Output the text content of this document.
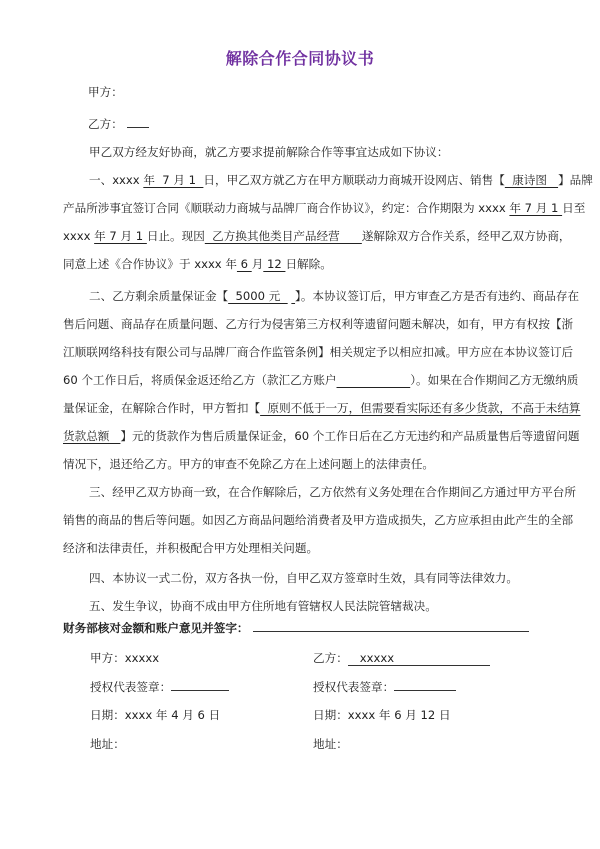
解除合作合同协议书
甲方：
乙方：
甲乙双方经友好协商，就乙方要求提前解除合作等事宜达成如下协议：
一、xxxx 年  7 月 1  日，甲乙双方就乙方在甲方顺联动力商城开设网店、销售【  康诗图   】品牌
产品所涉事宜签订合同《顺联动力商城与品牌厂商合作协议》，约定：合作期限为 xxxx 年 7 月 1 日至
xxxx 年 7 月 1 日止。现因  乙方换其他类目产品经营      遂解除双方合作关系，经甲乙双方协商，
同意上述《合作协议》于 xxxx 年 6 月 12 日解除。
二、乙方剩余质量保证金【  5000 元    】。本协议签订后，甲方审查乙方是否有违约、商品存在
售后问题、商品存在质量问题、乙方行为侵害第三方权利等遗留问题未解决，如有，甲方有权按【浙
江顺联网络科技有限公司与品牌厂商合作监管条例】相关规定予以相应扣减。甲方应在本协议签订后
60 个工作日后，将质保金返还给乙方（款汇乙方账户	）。如果在合作期间乙方无缴纳质
量保证金，在解除合作时，甲方暂扣【  原则不低于一万，但需要看实际还有多少货款，不高于未结算
货款总额   】元的货款作为售后质量保证金，60 个工作日后在乙方无违约和产品质量售后等遗留问题
情况下，退还给乙方。甲方的审查不免除乙方在上述问题上的法律责任。
三、经甲乙双方协商一致，在合作解除后，乙方依然有义务处理在合作期间乙方通过甲方平台所
销售的商品的售后等问题。如因乙方商品问题给消费者及甲方造成损失，乙方应承担由此产生的全部
经济和法律责任，并积极配合甲方处理相关问题。
四、本协议一式二份，双方各执一份，自甲乙双方签章时生效，具有同等法律效力。
五、发生争议，协商不成由甲方住所地有管辖权人民法院管辖裁决。
财务部核对金额和账户意见并签字：
甲方：xxxxx	乙方： xxxxx
授权代表签章：	授权代表签章：
日期：xxxx 年 4 月 6 日	日期：xxxx 年 6 月 12 日
地址：	地址：
